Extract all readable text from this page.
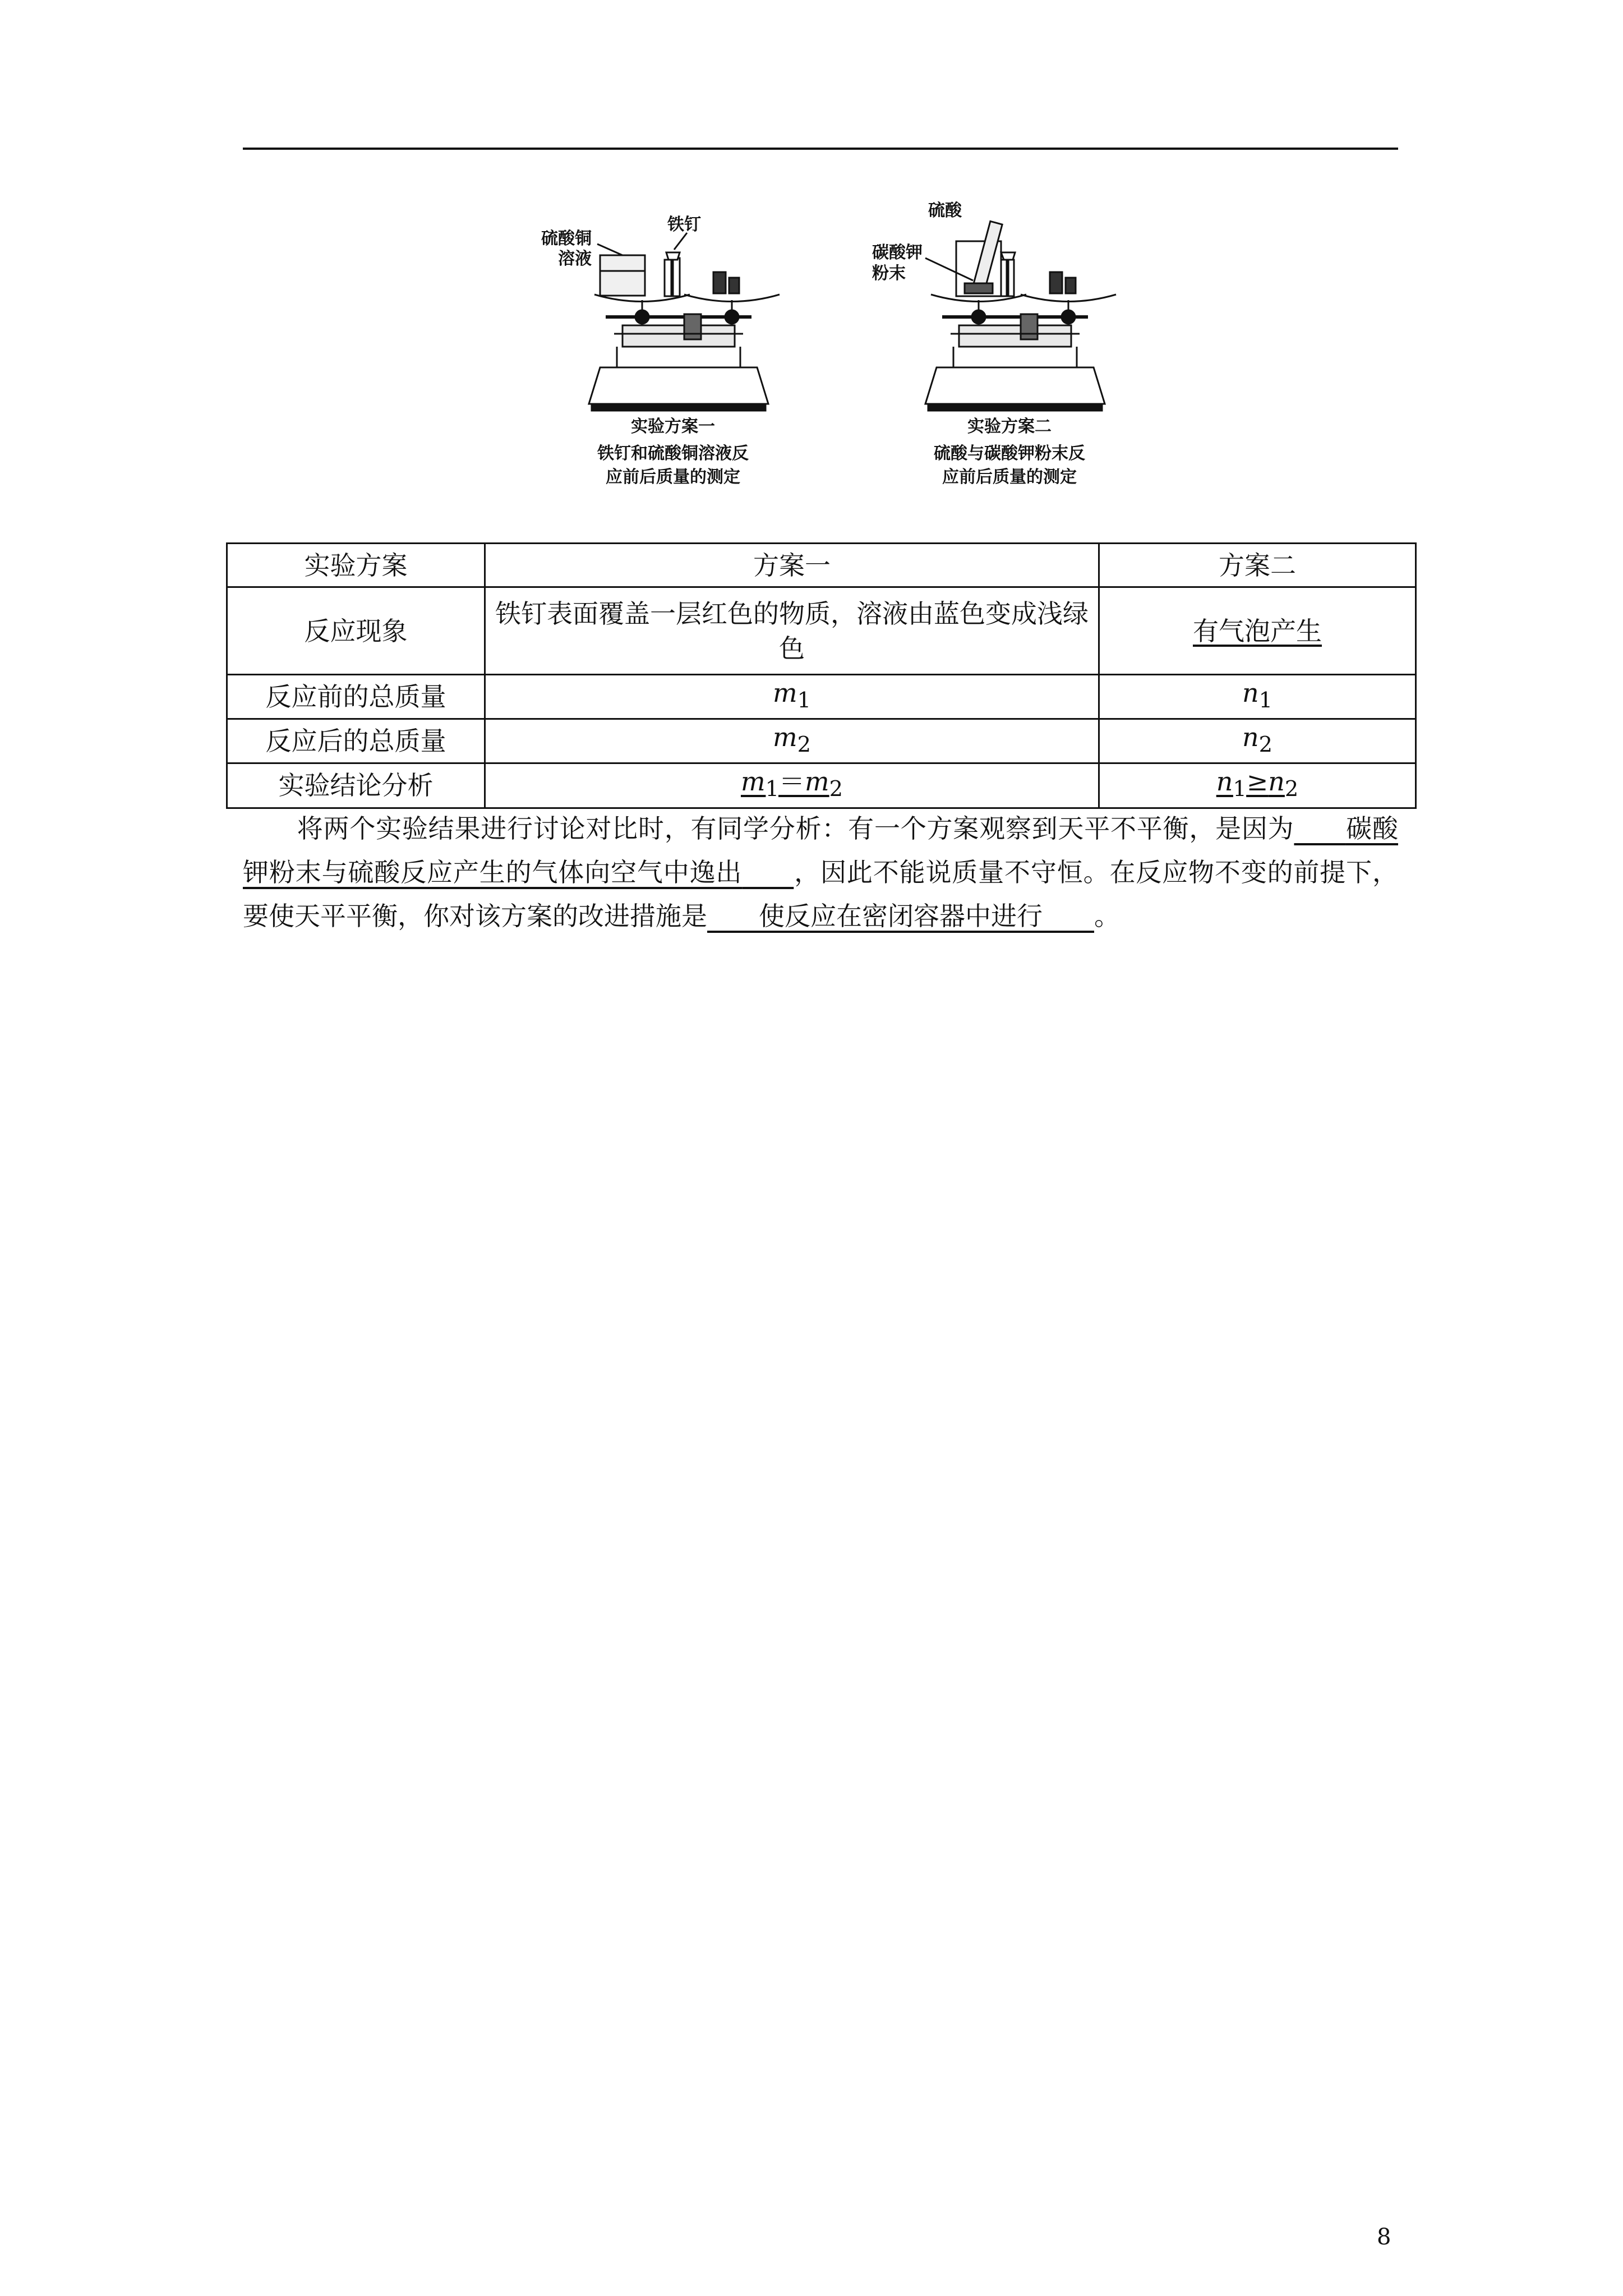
硫酸铜
溶液
铁钉
实验方案一
铁钉和硫酸铜溶液反
应前后质量的测定
硫酸
碳酸钾
粉末
实验方案二
硫酸与碳酸钾粉末反
应前后质量的测定
实验方案	方案一	方案二
反应现象	铁钉表面覆盖一层红色的物质，溶液由蓝色变成浅绿色	有气泡产生
反应前的总质量	$m_1$	$n_1$
反应后的总质量	$m_2$	$n_2$
实验结论分析	$m_1=m_2$	$n_1\ge n_2$
将两个实验结果进行讨论对比时，有同学分析：有一个方案观察到天平不平衡，是因为   碳酸钾粉末与硫酸反应产生的气体向空气中逸出   ，因此不能说质量不守恒。在反应物不变的前提下，要使天平平衡，你对该方案的改进措施是   使反应在密闭容器中进行   。
8
